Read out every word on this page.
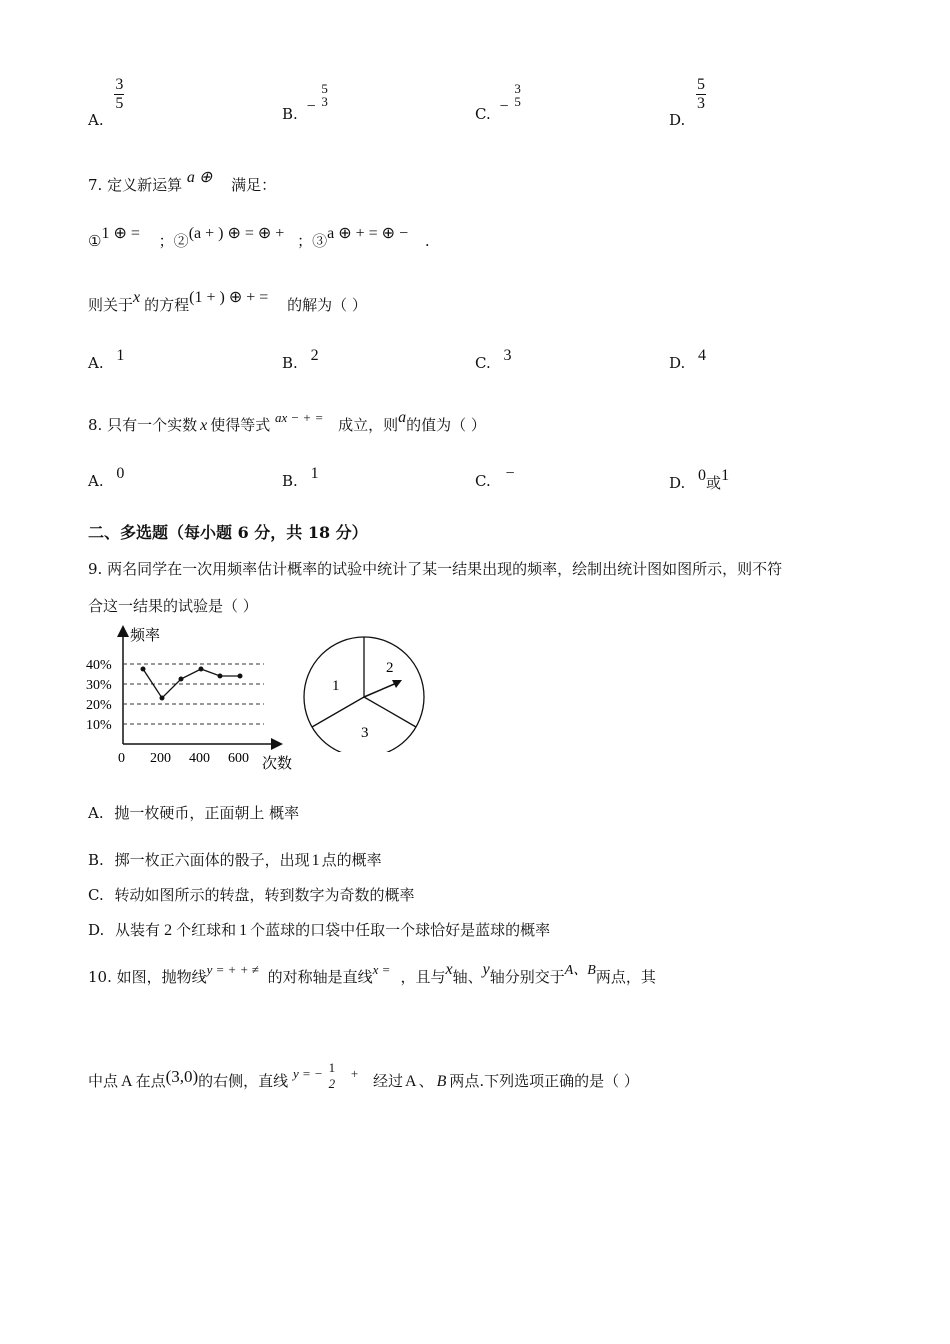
A.
$\frac{3}{5}$
B. −
5
3
C. −
3
5
D.
$\frac{5}{3}$
7. 定义新运算 a ⊕ 满足：
①1 ⊕ = ；②(a + ) ⊕ = ⊕ + ；③a ⊕ + = ⊕ − .
则关于x 的方程(1 + ) ⊕ + = 的解为（ ）
A. 1	B. 2	C. 3	D. 4
8. 只有一个实数 x 使得等式 ax − + = 成立，则a的值为（ ）
A. 0	B. 1	C. −
D. 0或1
二、多选题（每小题 6 分，共 18 分）
9. 两名同学在一次用频率估计概率的试验中统计了某一结果出现的频率，绘制出统计图如图所示，则不符
合这一结果的试验是（ ）
频率
40%
30%
20%
10%
0 200 400 600 次数
1
2
3
A. 抛一枚硬币，正面朝上 概率
B. 掷一枚正六面体的骰子，出现 1 点的概率
C. 转动如图所示的转盘，转到数字为奇数的概率
D. 从装有 2 个红球和 1 个蓝球的口袋中任取一个球恰好是蓝球的概率
10. 如图，抛物线y = + + ≠ 的对称轴是直线x = ，且与x轴、y轴分别交于A、B两点，其
中点 A 在点(3,0)的右侧，直线 y = − 1
2
+ 经过 A 、 B 两点.下列选项正确的是（ ）
